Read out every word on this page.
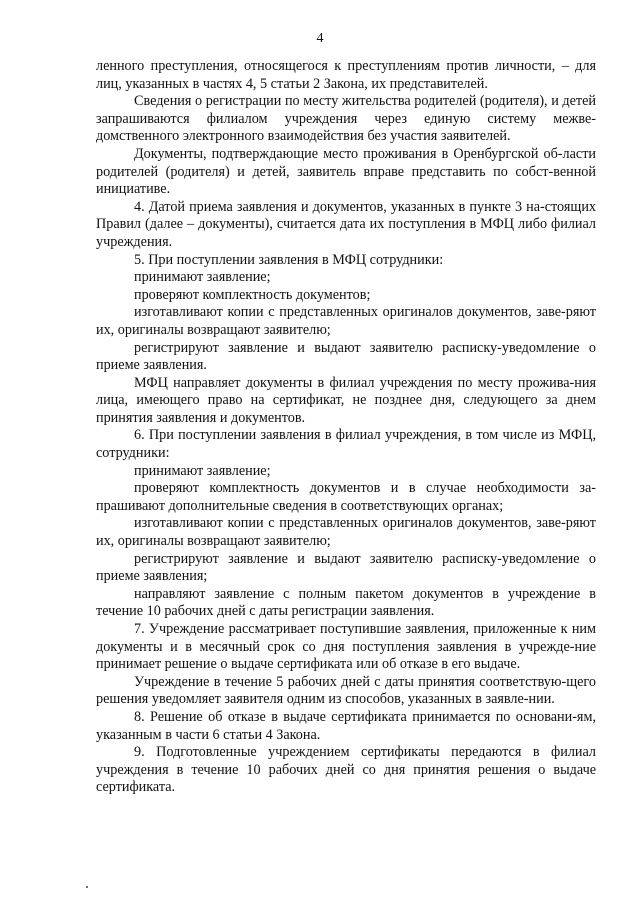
4

ленного преступления, относящегося к преступлениям против личности, – для лиц, указанных в частях 4, 5 статьи 2 Закона, их представителей.

Сведения о регистрации по месту жительства родителей (родителя), и детей запрашиваются филиалом учреждения через единую систему межве-домственного электронного взаимодействия без участия заявителей.

Документы, подтверждающие место проживания в Оренбургской об-ласти родителей (родителя) и детей, заявитель вправе представить по собст-венной инициативе.

4. Датой приема заявления и документов, указанных в пункте 3 на-стоящих Правил (далее – документы), считается дата их поступления в МФЦ либо филиал учреждения.

5. При поступлении заявления в МФЦ сотрудники:

принимают заявление;

проверяют комплектность документов;

изготавливают копии с представленных оригиналов документов, заве-ряют их, оригиналы возвращают заявителю;

регистрируют заявление и выдают заявителю расписку-уведомление о приеме заявления.

МФЦ направляет документы в филиал учреждения по месту прожива-ния лица, имеющего право на сертификат, не позднее дня, следующего за днем принятия заявления и документов.

6. При поступлении заявления в филиал учреждения, в том числе из МФЦ, сотрудники:

принимают заявление;

проверяют комплектность документов и в случае необходимости за-прашивают дополнительные сведения в соответствующих органах;

изготавливают копии с представленных оригиналов документов, заве-ряют их, оригиналы возвращают заявителю;

регистрируют заявление и выдают заявителю расписку-уведомление о приеме заявления;

направляют заявление с полным пакетом документов в учреждение в течение 10 рабочих дней с даты регистрации заявления.

7. Учреждение рассматривает поступившие заявления, приложенные к ним документы и в месячный срок со дня поступления заявления в учрежде-ние принимает решение о выдаче сертификата или об отказе в его выдаче.

Учреждение в течение 5 рабочих дней с даты принятия соответствую-щего решения уведомляет заявителя одним из способов, указанных в заявле-нии.

8. Решение об отказе в выдаче сертификата принимается по основани-ям, указанным в части 6 статьи 4 Закона.

9. Подготовленные учреждением сертификаты передаются в филиал учреждения в течение 10 рабочих дней со дня принятия решения о выдаче сертификата.
